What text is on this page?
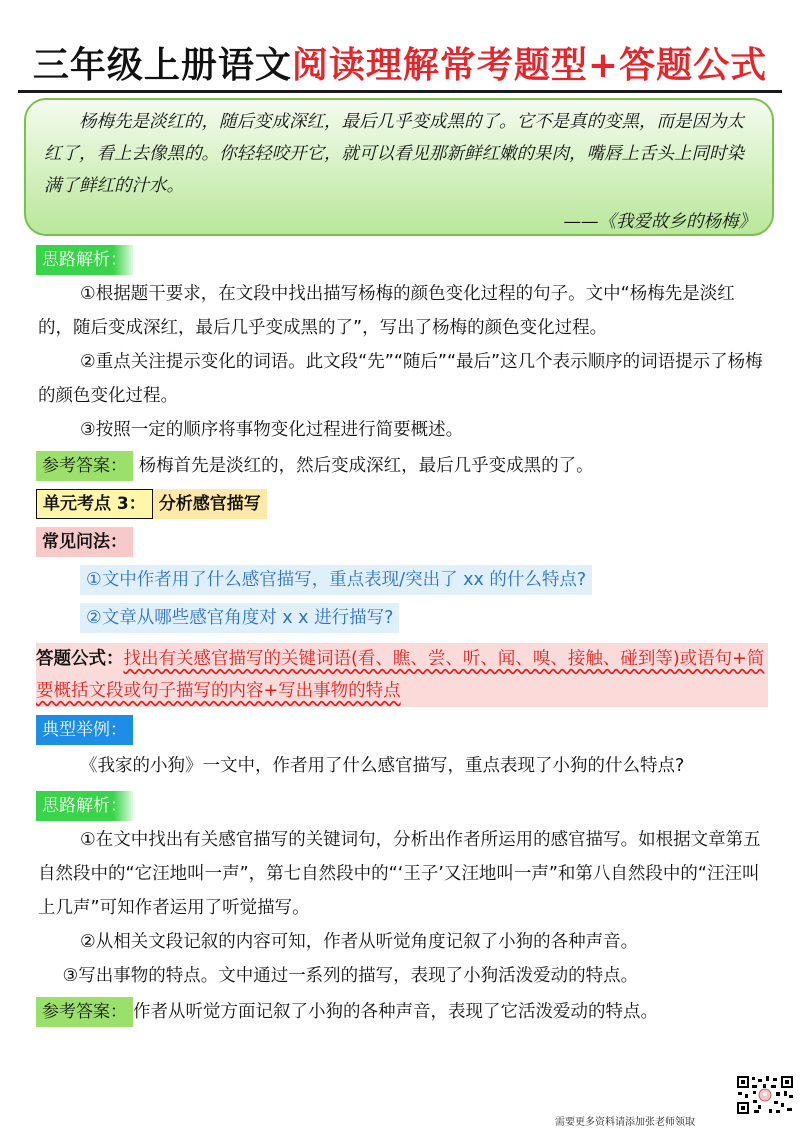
三年级上册语文阅读理解常考题型+答题公式

杨梅先是淡红的，随后变成深红，最后几乎变成黑的了。它不是真的变黑，而是因为太红了，看上去像黑的。你轻轻咬开它，就可以看见那新鲜红嫩的果肉，嘴唇上舌头上同时染满了鲜红的汁水。

——《我爱故乡的杨梅》
思路解析：

①根据题干要求，在文段中找出描写杨梅的颜色变化过程的句子。文中“杨梅先是淡红的，随后变成深红，最后几乎变成黑的了”，写出了杨梅的颜色变化过程。

②重点关注提示变化的词语。此文段“先”“随后”“最后”这几个表示顺序的词语提示了杨梅的颜色变化过程。

③按照一定的顺序将事物变化过程进行简要概述。

参考答案： 杨梅首先是淡红的，然后变成深红，最后几乎变成黑的了。
单元考点 3： 分析感官描写
常见问法：
①文中作者用了什么感官描写，重点表现/突出了 xx 的什么特点?
②文章从哪些感官角度对 x x 进行描写?
答题公式：找出有关感官描写的关键词语(看、瞧、尝、听、闻、嗅、接触、碰到等)或语句+简要概括文段或句子描写的内容+写出事物的特点
典型举例：

《我家的小狗》一文中，作者用了什么感官描写，重点表现了小狗的什么特点?

思路解析：

①在文中找出有关感官描写的关键词句，分析出作者所运用的感官描写。如根据文章第五自然段中的“它汪地叫一声”，第七自然段中的“‘王子’又汪地叫一声”和第八自然段中的“汪汪叫上几声”可知作者运用了听觉描写。

②从相关文段记叙的内容可知，作者从听觉角度记叙了小狗的各种声音。

③写出事物的特点。文中通过一系列的描写，表现了小狗活泼爱动的特点。

参考答案： 作者从听觉方面记叙了小狗的各种声音，表现了它活泼爱动的特点。
需要更多资料请添加张老师领取
